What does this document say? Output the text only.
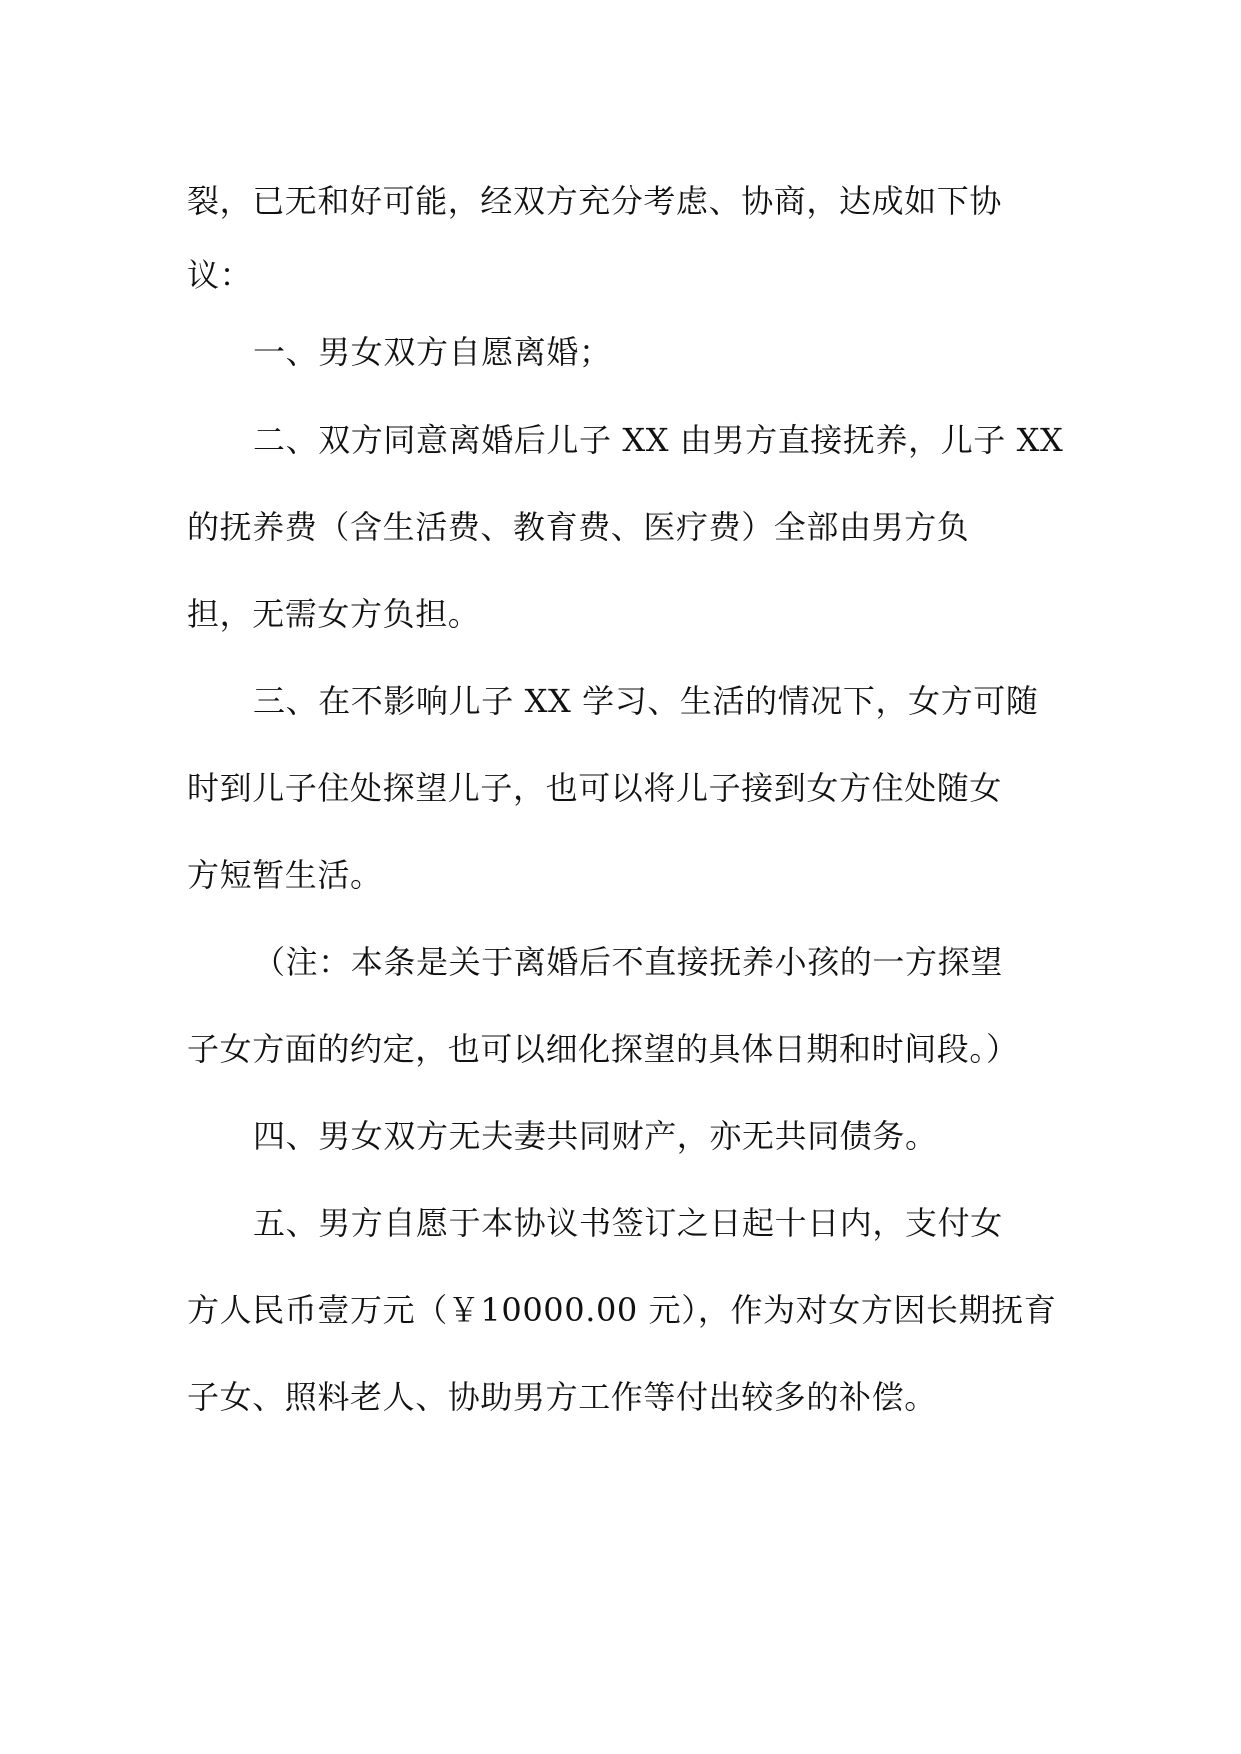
裂，已无和好可能，经双方充分考虑、协商，达成如下协
议：
一、男女双方自愿离婚；
二、双方同意离婚后儿子 XX 由男方直接抚养，儿子 XX
的抚养费（含生活费、教育费、医疗费）全部由男方负
担，无需女方负担。
三、在不影响儿子 XX 学习、生活的情况下，女方可随
时到儿子住处探望儿子，也可以将儿子接到女方住处随女
方短暂生活。
（注：本条是关于离婚后不直接抚养小孩的一方探望
子女方面的约定，也可以细化探望的具体日期和时间段。）
四、男女双方无夫妻共同财产，亦无共同债务。
五、男方自愿于本协议书签订之日起十日内，支付女
方人民币壹万元（￥10000.00 元），作为对女方因长期抚育
子女、照料老人、协助男方工作等付出较多的补偿。
